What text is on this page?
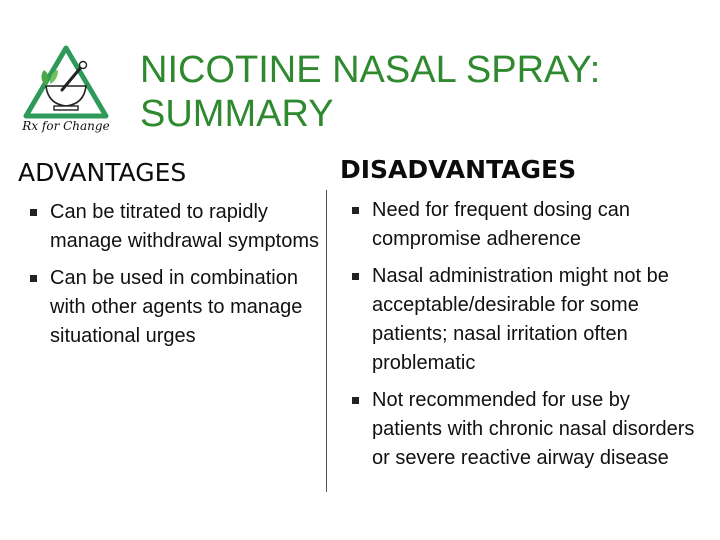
Rx for Change
NICOTINE NASAL SPRAY:
SUMMARY
ADVANTAGES	DISADVANTAGES
Can be titrated to rapidly manage withdrawal symptoms
Can be used in combination with other agents to manage situational urges
Need for frequent dosing can compromise adherence
Nasal administration might not be acceptable/desirable for some patients; nasal irritation often problematic
Not recommended for use by patients with chronic nasal disorders or severe reactive airway disease
